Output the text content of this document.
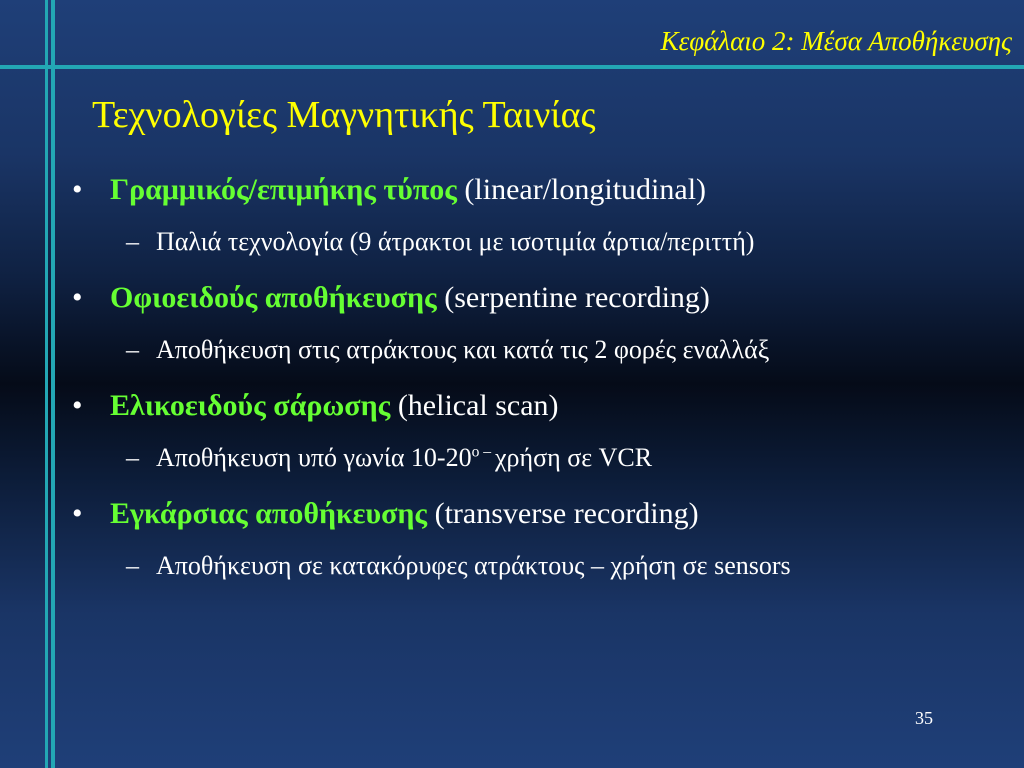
Κεφάλαιο 2: Μέσα Αποθήκευσης
Τεχνολογίες Μαγνητικής Ταινίας
• Γραμμικός/επιμήκης τύπος (linear/longitudinal)
– Παλιά τεχνολογία (9 άτρακτοι με ισοτιμία άρτια/περιττή)
• Οφιοειδούς αποθήκευσης (serpentine recording)
– Αποθήκευση στις ατράκτους και κατά τις 2 φορές εναλλάξ
• Ελικοειδούς σάρωσης (helical scan)
– Αποθήκευση υπό γωνία $10-20^{o -}$ χρήση σε VCR
• Εγκάρσιας αποθήκευσης (transverse recording)
– Αποθήκευση σε κατακόρυφες ατράκτους – χρήση σε sensors
35
